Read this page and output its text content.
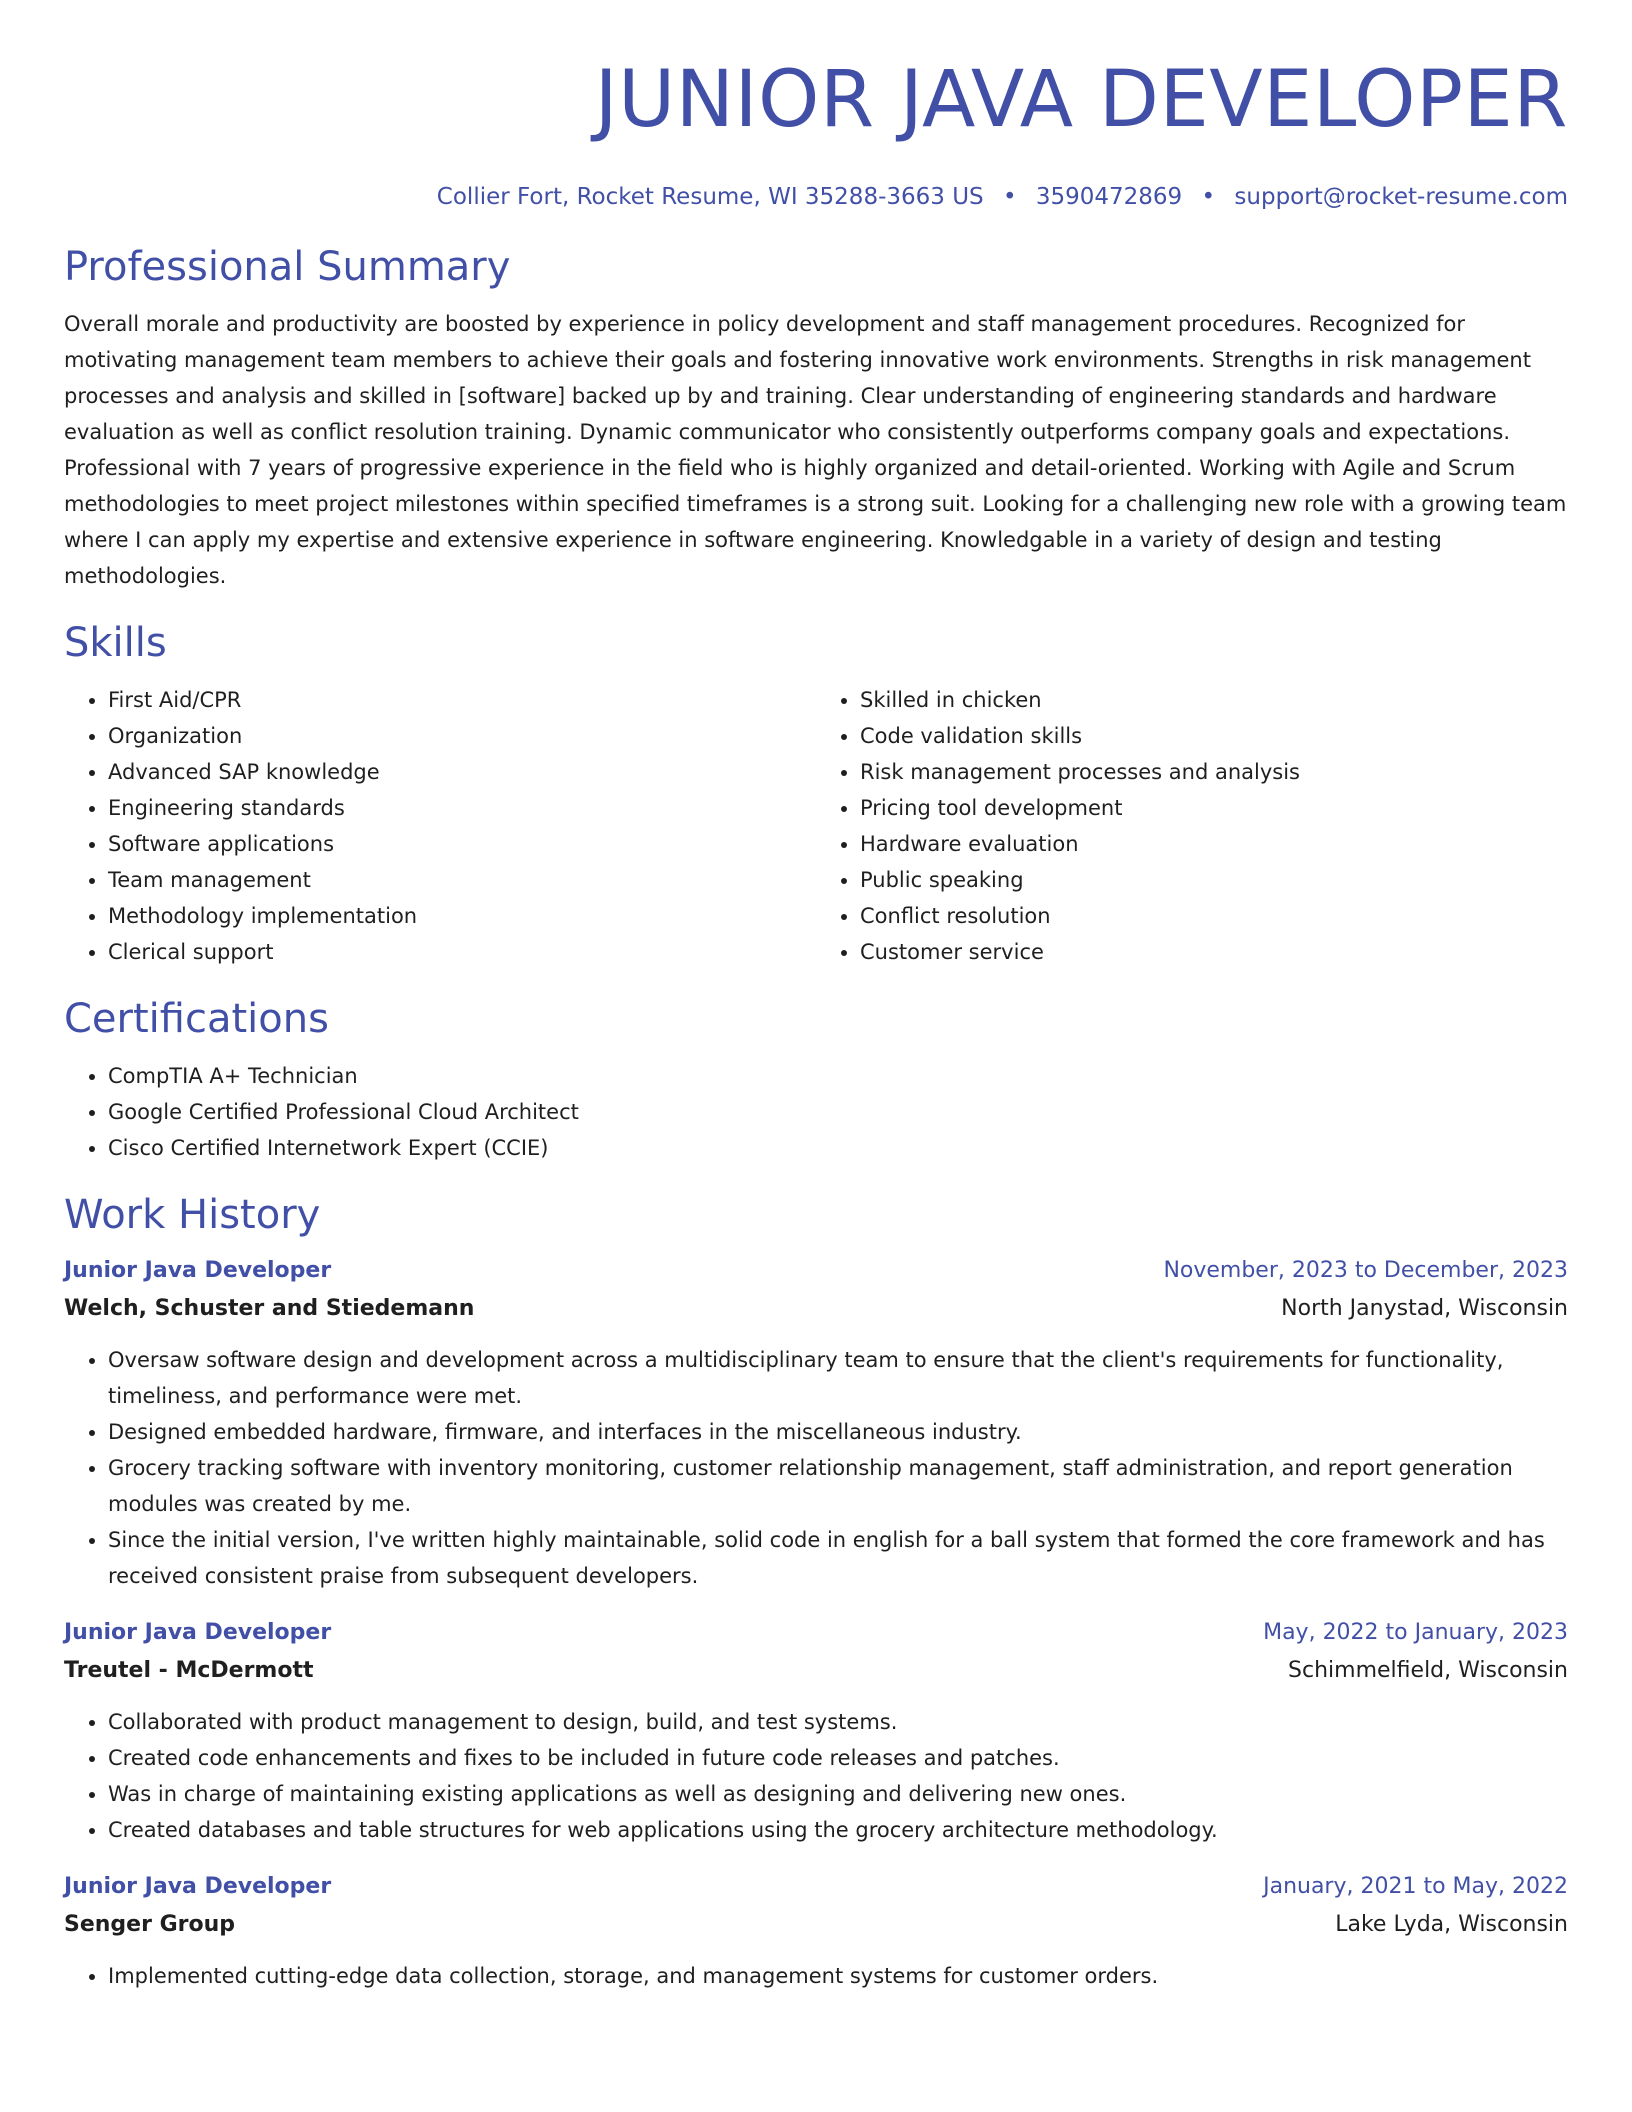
JUNIOR JAVA DEVELOPER
Collier Fort, Rocket Resume, WI 35288-3663 US • 3590472869 • support@rocket-resume.com
Professional Summary

Overall morale and productivity are boosted by experience in policy development and staff management procedures. Recognized for motivating management team members to achieve their goals and fostering innovative work environments. Strengths in risk management processes and analysis and skilled in [software] backed up by and training. Clear understanding of engineering standards and hardware evaluation as well as conflict resolution training. Dynamic communicator who consistently outperforms company goals and expectations. Professional with 7 years of progressive experience in the field who is highly organized and detail-oriented. Working with Agile and Scrum methodologies to meet project milestones within specified timeframes is a strong suit. Looking for a challenging new role with a growing team where I can apply my expertise and extensive experience in software engineering. Knowledgable in a variety of design and testing methodologies.

Skills
• First Aid/CPR
• Organization
• Advanced SAP knowledge
• Engineering standards
• Software applications
• Team management
• Methodology implementation
• Clerical support
• Skilled in chicken
• Code validation skills
• Risk management processes and analysis
• Pricing tool development
• Hardware evaluation
• Public speaking
• Conflict resolution
• Customer service
Certifications
• CompTIA A+ Technician
• Google Certified Professional Cloud Architect
• Cisco Certified Internetwork Expert (CCIE)
Work History
Junior Java Developer	November, 2023 to December, 2023
Welch, Schuster and Stiedemann	North Janystad, Wisconsin
• Oversaw software design and development across a multidisciplinary team to ensure that the client's requirements for functionality, timeliness, and performance were met.
• Designed embedded hardware, firmware, and interfaces in the miscellaneous industry.
• Grocery tracking software with inventory monitoring, customer relationship management, staff administration, and report generation modules was created by me.
• Since the initial version, I've written highly maintainable, solid code in english for a ball system that formed the core framework and has received consistent praise from subsequent developers.
Junior Java Developer	May, 2022 to January, 2023
Treutel - McDermott	Schimmelfield, Wisconsin
• Collaborated with product management to design, build, and test systems.
• Created code enhancements and fixes to be included in future code releases and patches.
• Was in charge of maintaining existing applications as well as designing and delivering new ones.
• Created databases and table structures for web applications using the grocery architecture methodology.
Junior Java Developer	January, 2021 to May, 2022
Senger Group	Lake Lyda, Wisconsin
• Implemented cutting-edge data collection, storage, and management systems for customer orders.
